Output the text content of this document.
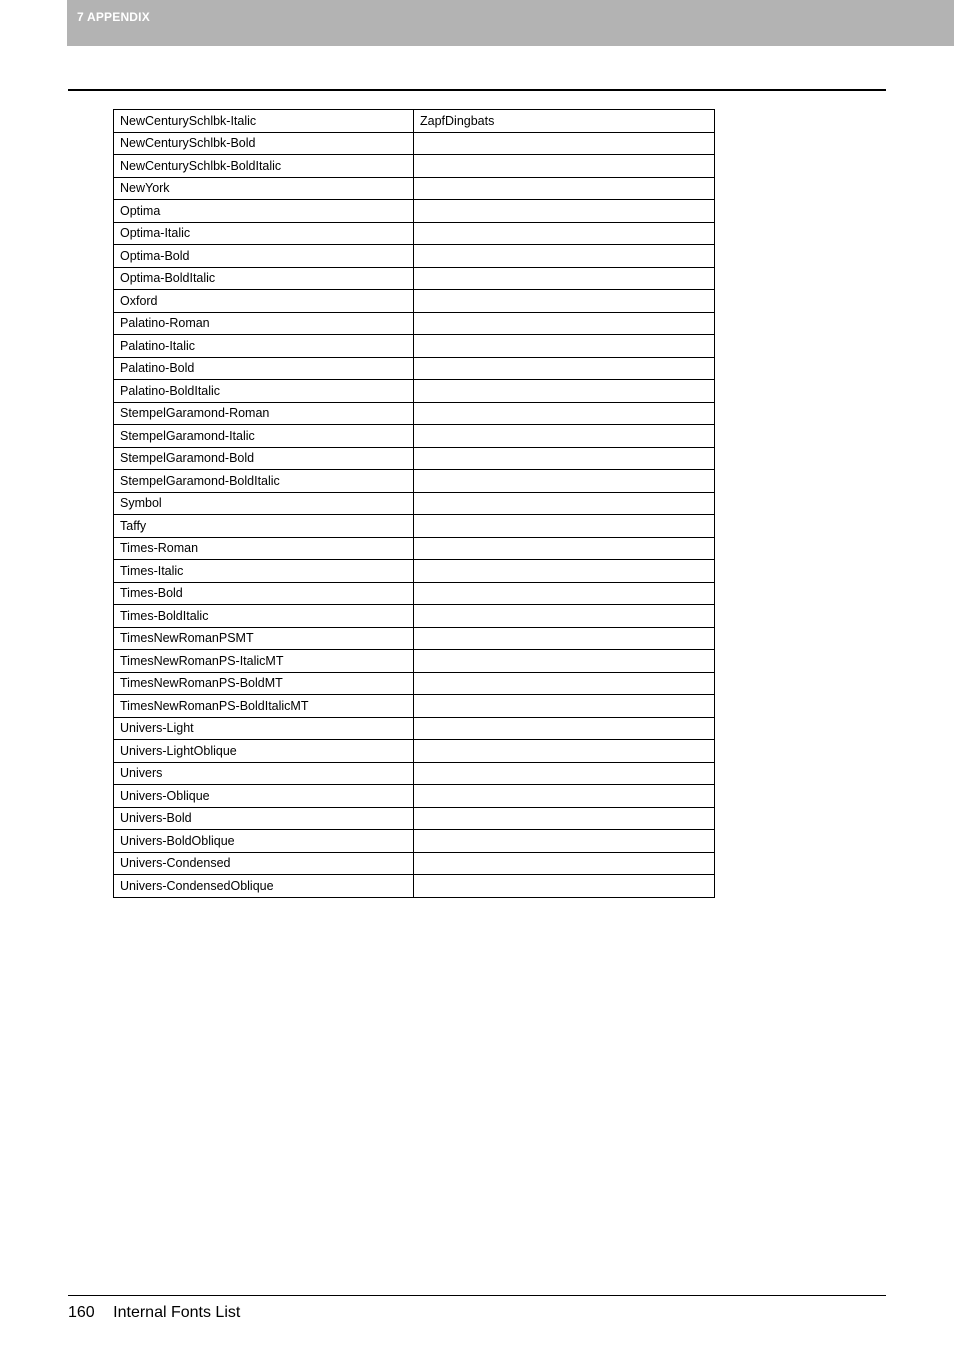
7 APPENDIX
NewCenturySchlbk-Italic	ZapfDingbats
NewCenturySchlbk-Bold	
NewCenturySchlbk-BoldItalic	
NewYork	
Optima	
Optima-Italic	
Optima-Bold	
Optima-BoldItalic	
Oxford	
Palatino-Roman	
Palatino-Italic	
Palatino-Bold	
Palatino-BoldItalic	
StempelGaramond-Roman	
StempelGaramond-Italic	
StempelGaramond-Bold	
StempelGaramond-BoldItalic	
Symbol	
Taffy	
Times-Roman	
Times-Italic	
Times-Bold	
Times-BoldItalic	
TimesNewRomanPSMT	
TimesNewRomanPS-ItalicMT	
TimesNewRomanPS-BoldMT	
TimesNewRomanPS-BoldItalicMT	
Univers-Light	
Univers-LightOblique	
Univers	
Univers-Oblique	
Univers-Bold	
Univers-BoldOblique	
Univers-Condensed	
Univers-CondensedOblique	
160 Internal Fonts List
